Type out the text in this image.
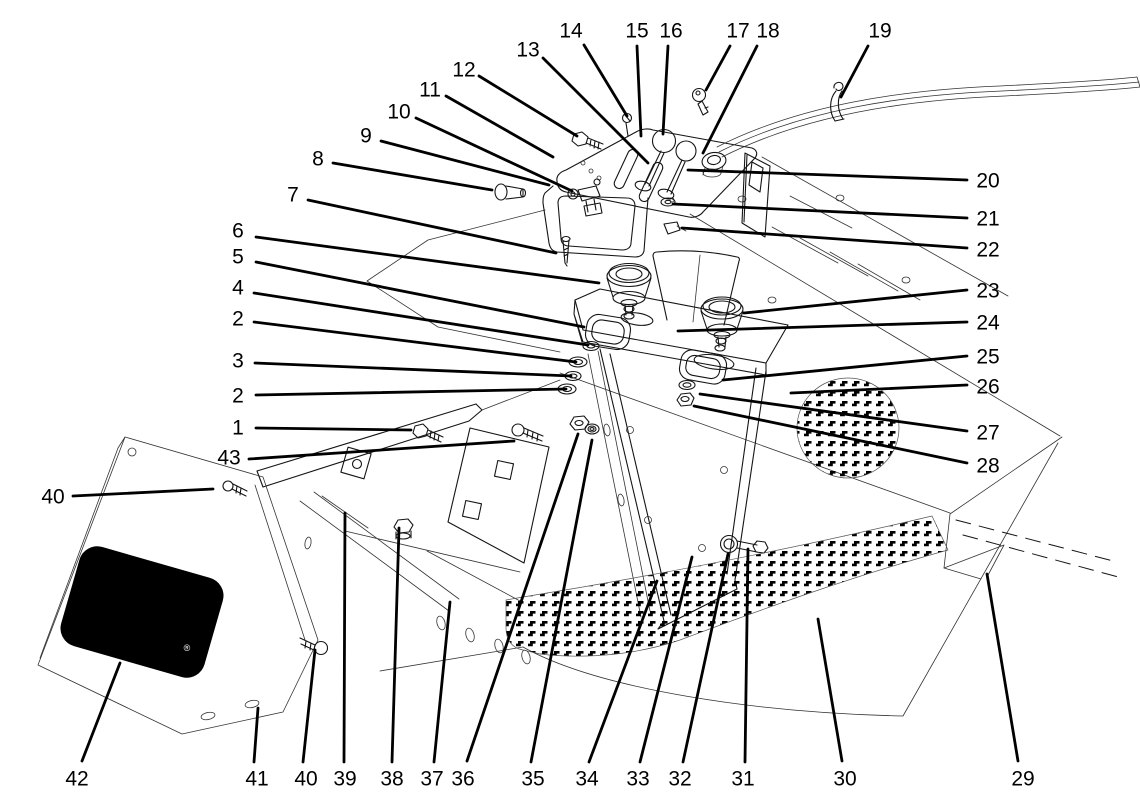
®
13
14 15 16 17 18	19
12
11
10
9
8
7
6
5
4
2
3
2
1
43
40
20
21
22
23
24
25
26
27
28
42	41 40 39 38 37 36 35 34 33 32 31	30	29
